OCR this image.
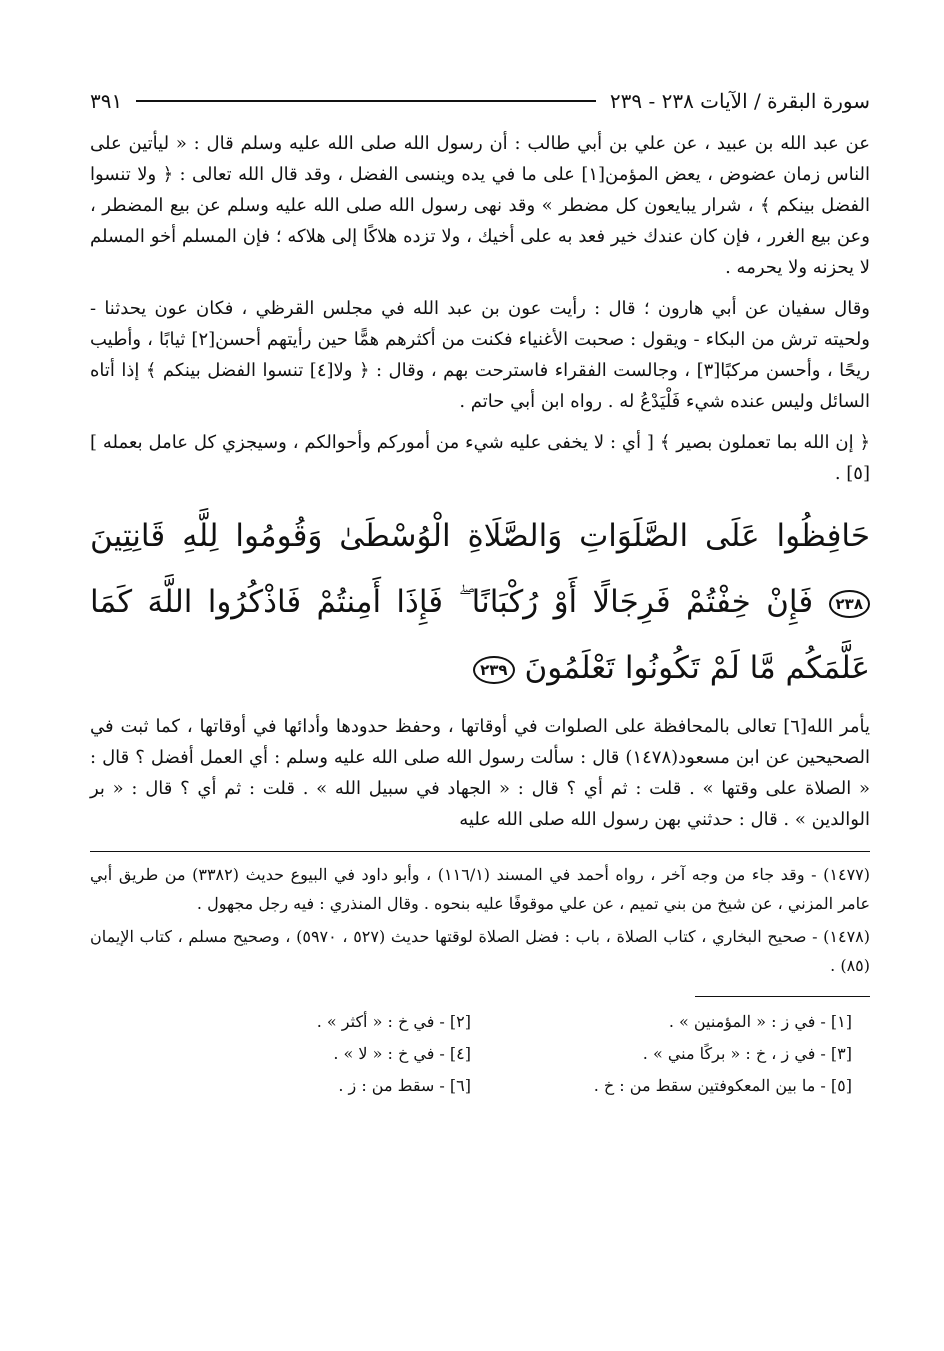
سورة البقرة / الآيات ٢٣٨ - ٢٣٩
٣٩١

عن عبد الله بن عبيد ، عن علي بن أبي طالب : أن رسول الله صلى الله عليه وسلم قال : « ليأتين على الناس زمان عضوض ، يعض المؤمن[١] على ما في يده وينسى الفضل ، وقد قال الله تعالى : ﴿ ولا تنسوا الفضل بينكم ﴾ ، شرار يبايعون كل مضطر » وقد نهى رسول الله صلى الله عليه وسلم عن بيع المضطر ، وعن بيع الغرر ، فإن كان عندك خير فعد به على أخيك ، ولا تزده هلاكًا إلى هلاكه ؛ فإن المسلم أخو المسلم لا يحزنه ولا يحرمه .

وقال سفيان عن أبي هارون ؛ قال : رأيت عون بن عبد الله في مجلس القرظي ، فكان عون يحدثنا - ولحيته ترش من البكاء - ويقول : صحبت الأغنياء فكنت من أكثرهم همًّا حين رأيتهم أحسن[٢] ثيابًا ، وأطيب ريحًا ، وأحسن مركبًا[٣] ، وجالست الفقراء فاسترحت بهم ، وقال : ﴿ ولا[٤] تنسوا الفضل بينكم ﴾ إذا أتاه السائل وليس عنده شيء فَلْيَدْعُ له . رواه ابن أبي حاتم .

﴿ إن الله بما تعملون بصير ﴾ [ أي : لا يخفى عليه شيء من أموركم وأحوالكم ، وسيجزي كل عامل بعمله ][٥] .

حَافِظُوا عَلَى الصَّلَوَاتِ وَالصَّلَاةِ الْوُسْطَىٰ وَقُومُوا لِلَّهِ قَانِتِينَ ٢٣٨ فَإِنْ خِفْتُمْ فَرِجَالًا أَوْ رُكْبَانًا ۖ فَإِذَا أَمِنتُمْ فَاذْكُرُوا اللَّهَ كَمَا عَلَّمَكُم مَّا لَمْ تَكُونُوا تَعْلَمُونَ ٢٣٩

يأمر الله[٦] تعالى بالمحافظة على الصلوات في أوقاتها ، وحفظ حدودها وأدائها في أوقاتها ، كما ثبت في الصحيحين عن ابن مسعود(١٤٧٨) قال : سألت رسول الله صلى الله عليه وسلم : أي العمل أفضل ؟ قال : « الصلاة على وقتها » . قلت : ثم أي ؟ قال : « الجهاد في سبيل الله » . قلت : ثم أي ؟ قال : « بر الوالدين » . قال : حدثني بهن رسول الله صلى الله عليه

(١٤٧٧) - وقد جاء من وجه آخر ، رواه أحمد في المسند (١١٦/١) ، وأبو داود في البيوع حديث (٣٣٨٢) من طريق أبي عامر المزني ، عن شيخ من بني تميم ، عن علي موقوفًا عليه بنحوه . وقال المنذري : فيه رجل مجهول .

(١٤٧٨) - صحيح البخاري ، كتاب الصلاة ، باب : فضل الصلاة لوقتها حديث (٥٢٧ ، ٥٩٧٠) ، وصحيح مسلم ، كتاب الإيمان (٨٥) .

[١] - في ز : « المؤمنين » .
[٢] - في خ : « أكثر » .
[٣] - في ز ، خ : « بركًا مني » .
[٤] - في خ : « لا » .
[٥] - ما بين المعكوفتين سقط من : خ .
[٦] - سقط من : ز .
